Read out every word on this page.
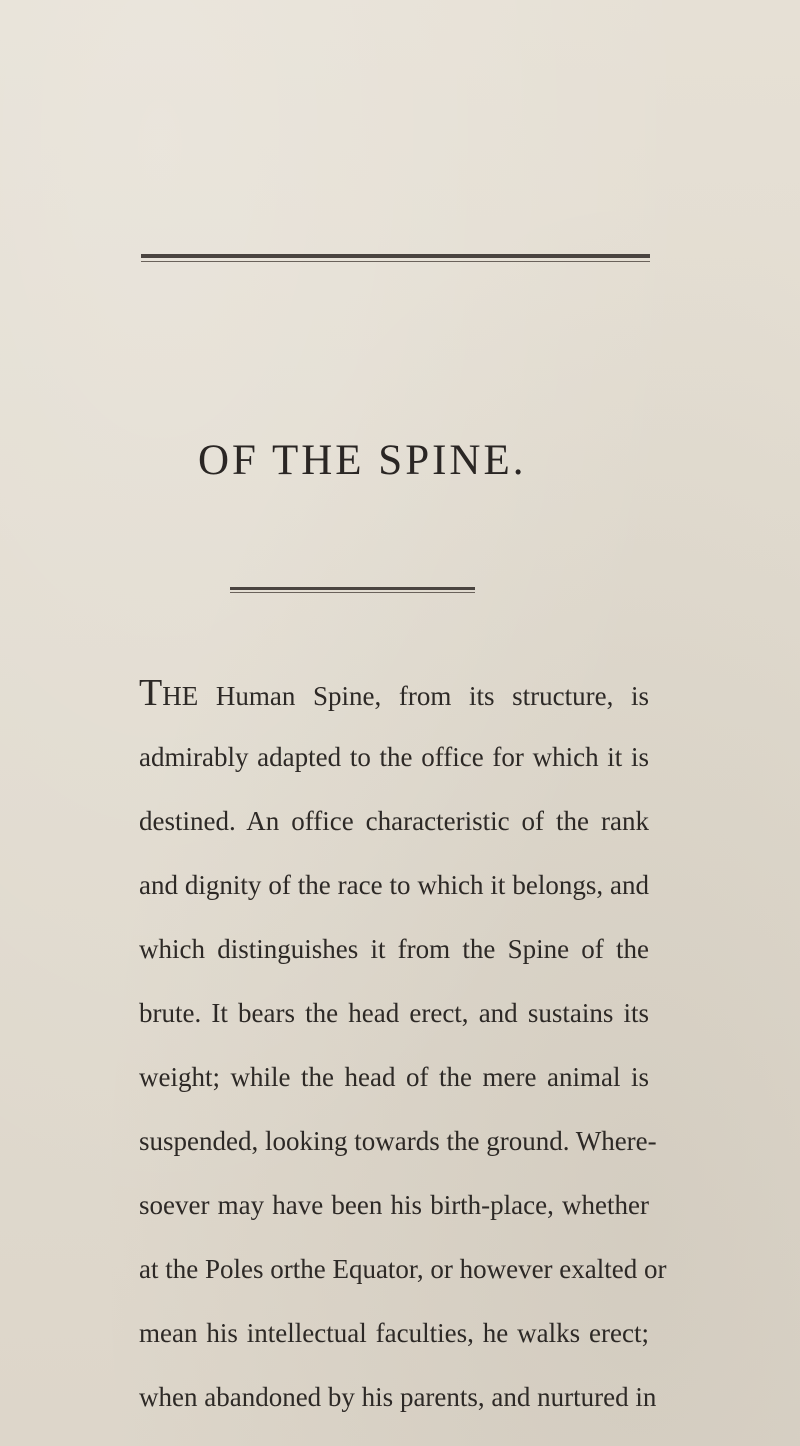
OF THE SPINE.
THE Human Spine, from its structure, is
admirably adapted to the office for which it is
destined. An office characteristic of the rank
and dignity of the race to which it belongs, and
which distinguishes it from the Spine of the
brute. It bears the head erect, and sustains its
weight; while the head of the mere animal is
suspended, looking towards the ground. Where-
soever may have been his birth-place, whether
at the Poles orthe Equator, or however exalted or
mean his intellectual faculties, he walks erect;
when abandoned by his parents, and nurtured in
